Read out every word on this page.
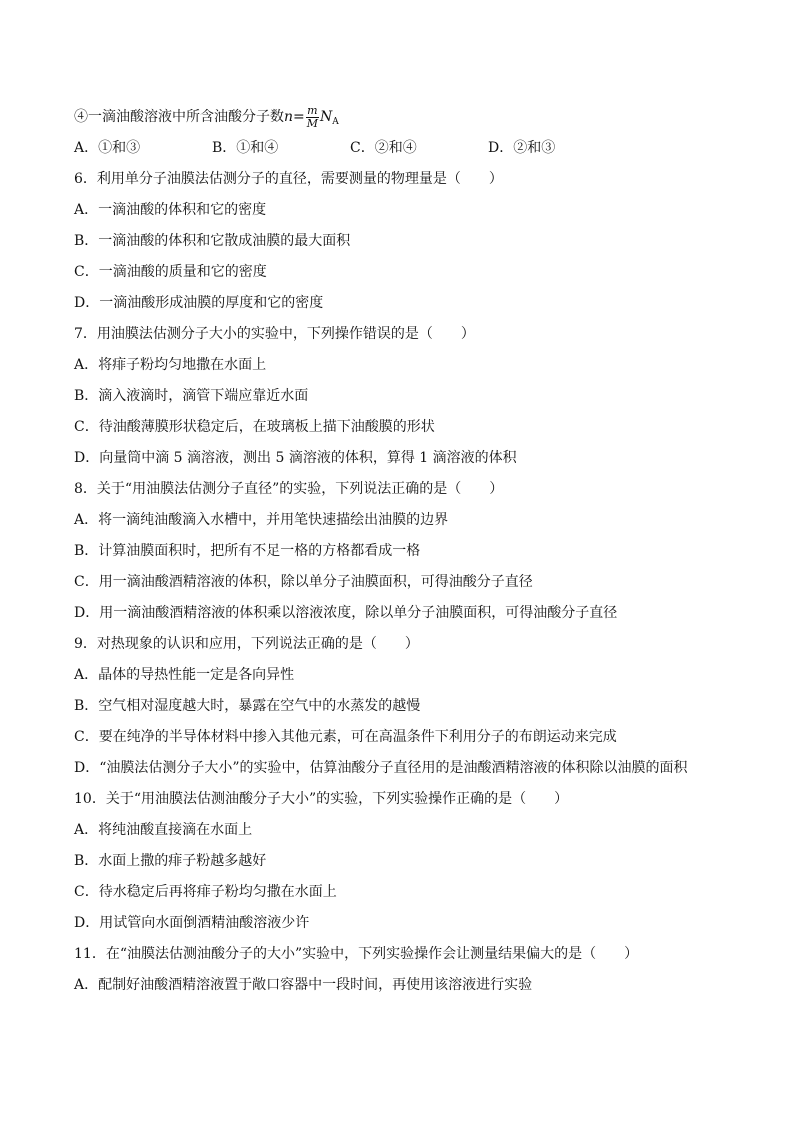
④一滴油酸溶液中所含油酸分子数$n= \frac{m}{M} N_A$
A．①和③	B．①和④	C．②和④	D．②和③
6．利用单分子油膜法估测分子的直径，需要测量的物理量是（　　）
A．一滴油酸的体积和它的密度
B．一滴油酸的体积和它散成油膜的最大面积
C．一滴油酸的质量和它的密度
D．一滴油酸形成油膜的厚度和它的密度
7．用油膜法估测分子大小的实验中，下列操作错误的是（　　）
A．将痱子粉均匀地撒在水面上
B．滴入液滴时，滴管下端应靠近水面
C．待油酸薄膜形状稳定后，在玻璃板上描下油酸膜的形状
D．向量筒中滴 5 滴溶液，测出 5 滴溶液的体积，算得 1 滴溶液的体积
8．关于“用油膜法估测分子直径”的实验，下列说法正确的是（　　）
A．将一滴纯油酸滴入水槽中，并用笔快速描绘出油膜的边界
B．计算油膜面积时，把所有不足一格的方格都看成一格
C．用一滴油酸酒精溶液的体积，除以单分子油膜面积，可得油酸分子直径
D．用一滴油酸酒精溶液的体积乘以溶液浓度，除以单分子油膜面积，可得油酸分子直径
9．对热现象的认识和应用，下列说法正确的是（　　）
A．晶体的导热性能一定是各向异性
B．空气相对湿度越大时，暴露在空气中的水蒸发的越慢
C．要在纯净的半导体材料中掺入其他元素，可在高温条件下利用分子的布朗运动来完成
D．“油膜法估测分子大小”的实验中，估算油酸分子直径用的是油酸酒精溶液的体积除以油膜的面积
10．关于“用油膜法估测油酸分子大小”的实验，下列实验操作正确的是（　　）
A．将纯油酸直接滴在水面上
B．水面上撒的痱子粉越多越好
C．待水稳定后再将痱子粉均匀撒在水面上
D．用试管向水面倒酒精油酸溶液少许
11．在“油膜法估测油酸分子的大小”实验中，下列实验操作会让测量结果偏大的是（　　）
A．配制好油酸酒精溶液置于敞口容器中一段时间，再使用该溶液进行实验
